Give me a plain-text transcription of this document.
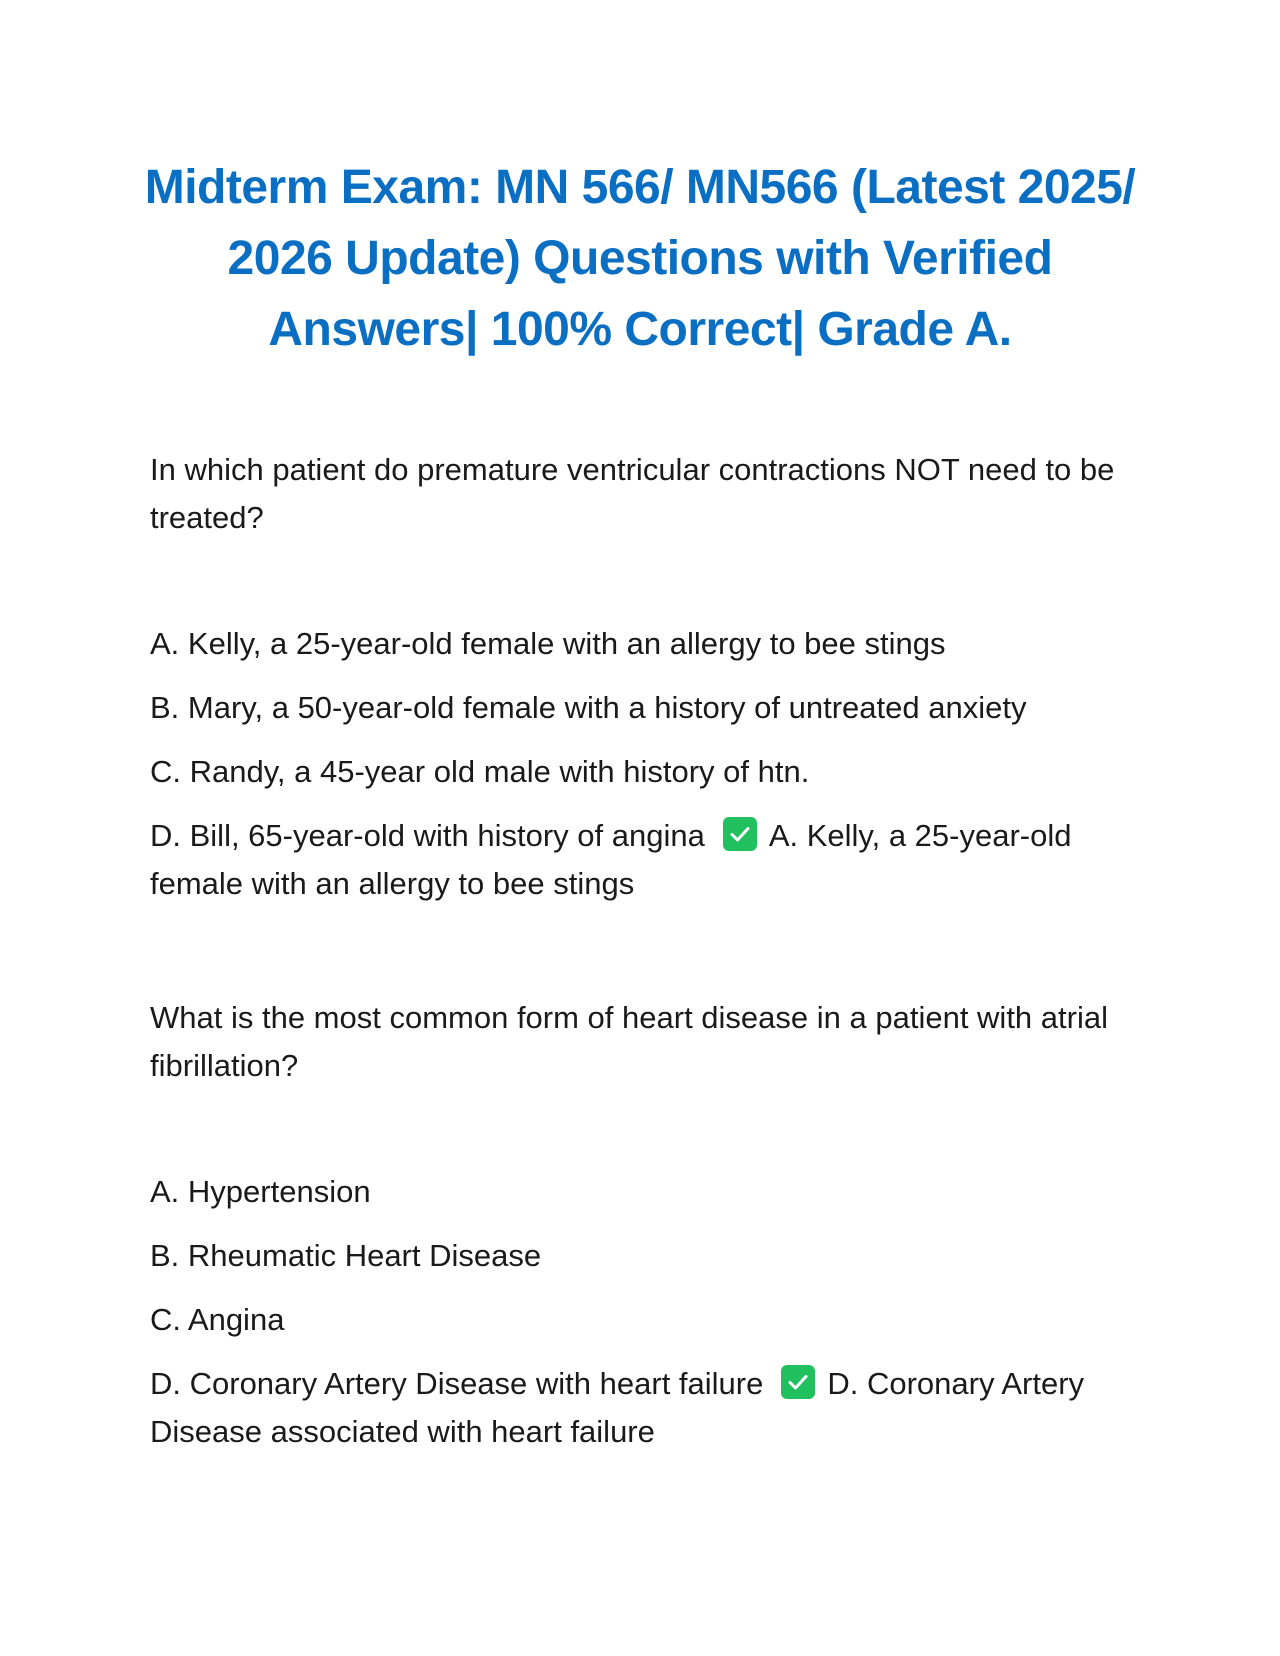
Midterm Exam: MN 566/ MN566 (Latest 2025/ 2026 Update) Questions with Verified Answers| 100% Correct| Grade A.

In which patient do premature ventricular contractions NOT need to be treated?

A. Kelly, a 25-year-old female with an allergy to bee stings

B. Mary, a 50-year-old female with a history of untreated anxiety

C. Randy, a 45-year old male with history of htn.

D. Bill, 65-year-old with history of angina A. Kelly, a 25-year-old female with an allergy to bee stings

What is the most common form of heart disease in a patient with atrial fibrillation?

A. Hypertension

B. Rheumatic Heart Disease

C. Angina

D. Coronary Artery Disease with heart failure D. Coronary Artery Disease associated with heart failure
